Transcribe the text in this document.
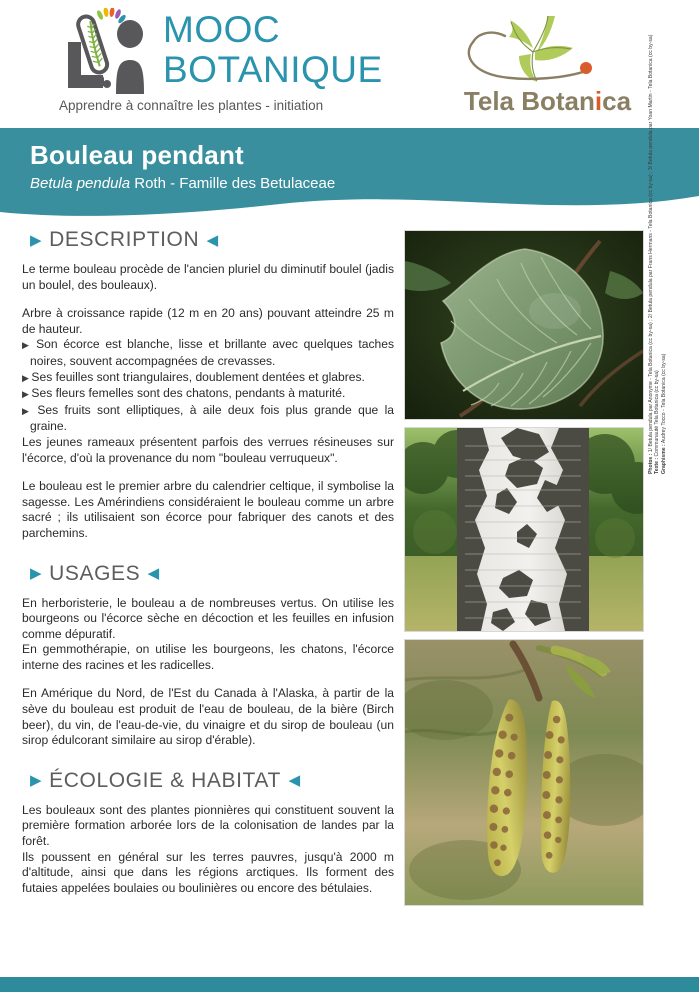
MOOC
BOTANIQUE
Apprendre à connaître les plantes - initiation	Tela Botanica
Bouleau pendant
Betula pendula Roth - Famille des Betulaceae
▶ DESCRIPTION ▶
Le terme bouleau procède de l'ancien pluriel du diminutif boulel (jadis un boulel, des bouleaux).
Arbre à croissance rapide (12 m en 20 ans) pouvant atteindre 25 m de hauteur.
▶ Son écorce est blanche, lisse et brillante avec quelques taches noires, souvent accompagnées de crevasses.
▶ Ses feuilles sont triangulaires, doublement dentées et glabres.
▶ Ses fleurs femelles sont des chatons, pendants à maturité.
▶ Ses fruits sont elliptiques, à aile deux fois plus grande que la graine.
Les jeunes rameaux présentent parfois des verrues résineuses sur l'écorce, d'où la provenance du nom "bouleau verruqueux".
Le bouleau est le premier arbre du calendrier celtique, il symbolise la sagesse. Les Amérindiens considéraient le bouleau comme un arbre sacré ; ils utilisaient son écorce pour fabriquer des canots et des parchemins.
▶ USAGES ▶
En herboristerie, le bouleau a de nombreuses vertus. On utilise les bourgeons ou l'écorce sèche en décoction et les feuilles en infusion comme dépuratif.
En gemmothérapie, on utilise les bourgeons, les chatons, l'écorce interne des racines et les radicelles.
En Amérique du Nord, de l'Est du Canada à l'Alaska, à partir de la sève du bouleau est produit de l'eau de bouleau, de la bière (Birch beer), du vin, de l'eau-de-vie, du vinaigre et du sirop de bouleau (un sirop édulcorant similaire au sirop d'érable).
▶ ÉCOLOGIE & HABITAT ▶
Les bouleaux sont des plantes pionnières qui constituent souvent la première formation arborée lors de la colonisation de landes par la forêt.
Ils poussent en général sur les terres pauvres, jusqu'à 2000 m d'altitude, ainsi que dans les régions arctiques. Ils forment des futaies appelées boulaies ou boulinières ou encore des bétulaies.
Photos : 1/ Betula pendula par Anonyme - Tela Botanica (cc by-sa) ; 2/ Betula pendula par Frans Hermans - Tela Botanica (cc by-sa) ; 3/ Betula pendula par Yoan Martin - Tela Botanica (cc by-sa)
Texte : Communauté Tela Botanica (cc by-sa)
Graphisme : Audrey Tocco - Tela Botanica (cc by-sa)
